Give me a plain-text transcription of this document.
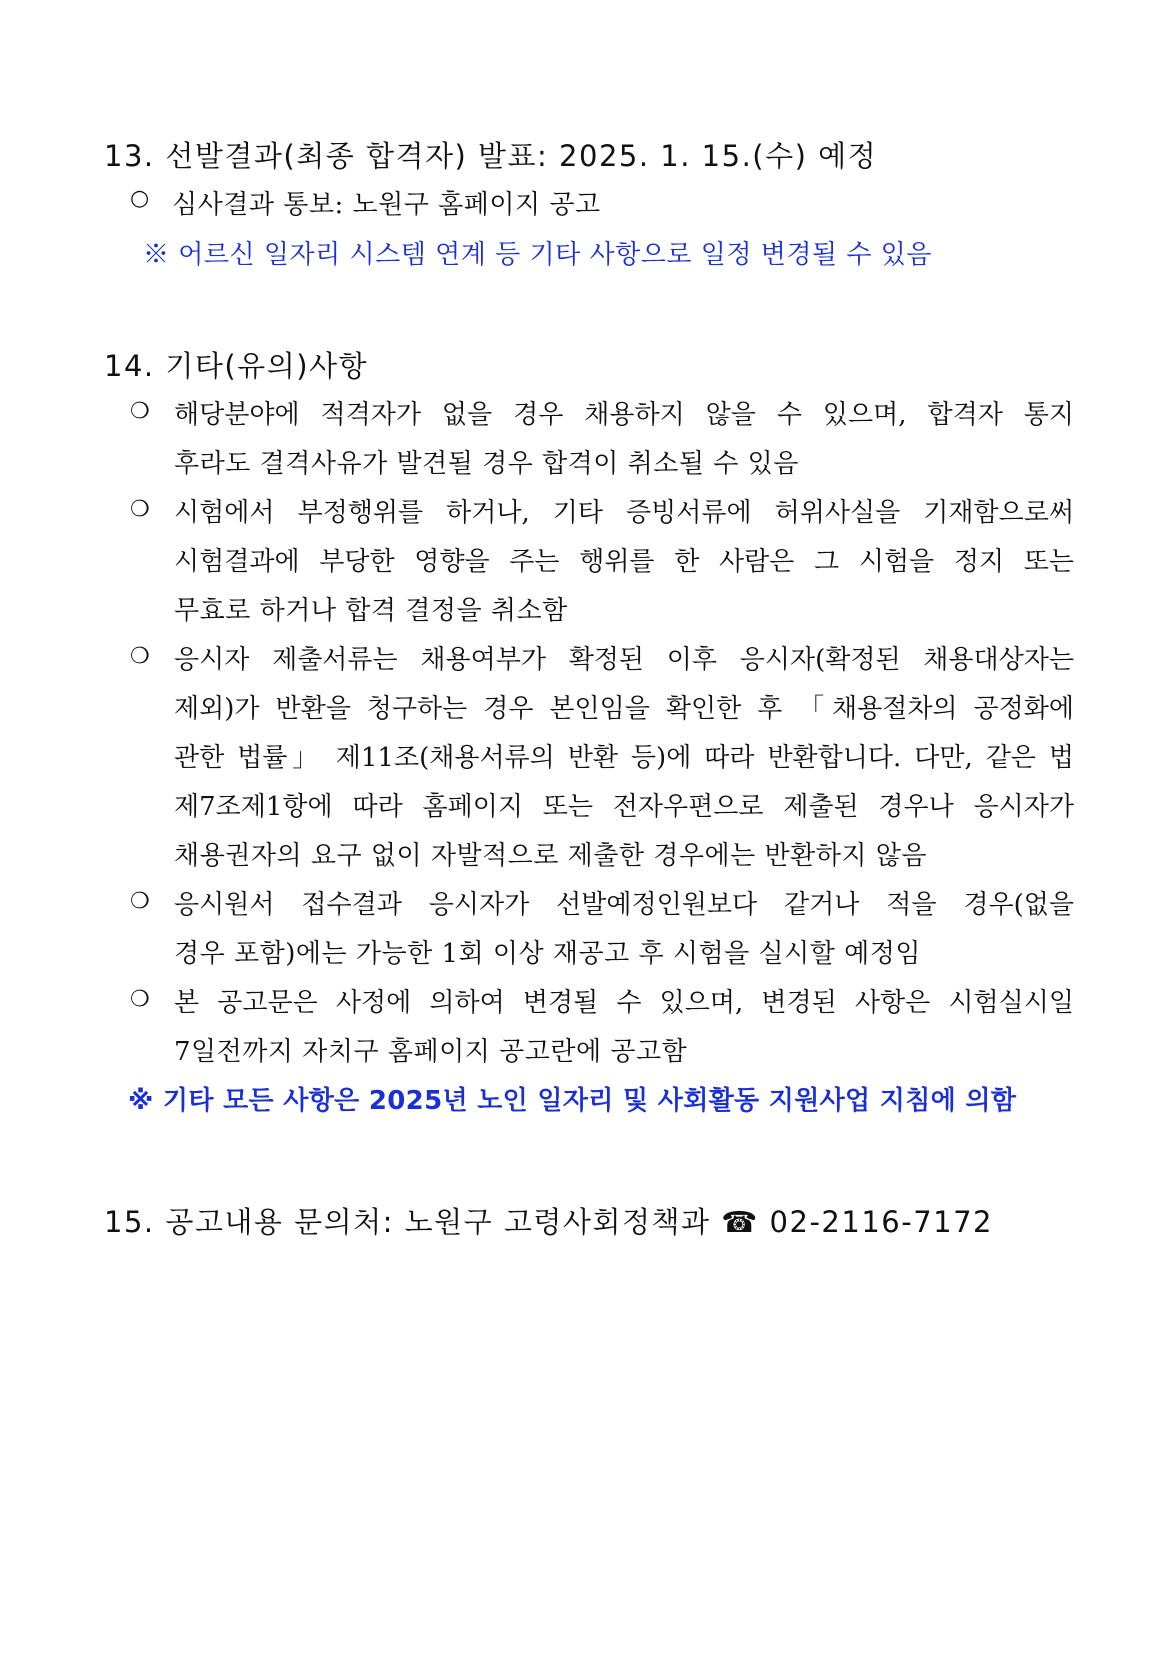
13. 선발결과(최종 합격자) 발표: 2025. 1. 15.(수) 예정
○ 심사결과 통보: 노원구 홈페이지 공고
※ 어르신 일자리 시스템 연계 등 기타 사항으로 일정 변경될 수 있음
14. 기타(유의)사항
❍ 해당분야에 적격자가 없을 경우 채용하지 않을 수 있으며, 합격자 통지
후라도 결격사유가 발견될 경우 합격이 취소될 수 있음
❍ 시험에서 부정행위를 하거나, 기타 증빙서류에 허위사실을 기재함으로써
시험결과에 부당한 영향을 주는 행위를 한 사람은 그 시험을 정지 또는
무효로 하거나 합격 결정을 취소함
❍ 응시자 제출서류는 채용여부가 확정된 이후 응시자(확정된 채용대상자는
제외)가 반환을 청구하는 경우 본인임을 확인한 후 「채용절차의 공정화에
관한 법률」 제11조(채용서류의 반환 등)에 따라 반환합니다. 다만, 같은 법
제7조제1항에 따라 홈페이지 또는 전자우편으로 제출된 경우나 응시자가
채용권자의 요구 없이 자발적으로 제출한 경우에는 반환하지 않음
❍ 응시원서 접수결과 응시자가 선발예정인원보다 같거나 적을 경우(없을
경우 포함)에는 가능한 1회 이상 재공고 후 시험을 실시할 예정임
❍ 본 공고문은 사정에 의하여 변경될 수 있으며, 변경된 사항은 시험실시일
7일전까지 자치구 홈페이지 공고란에 공고함
※ 기타 모든 사항은 2025년 노인 일자리 및 사회활동 지원사업 지침에 의함
15. 공고내용 문의처: 노원구 고령사회정책과 ☎ 02-2116-7172
